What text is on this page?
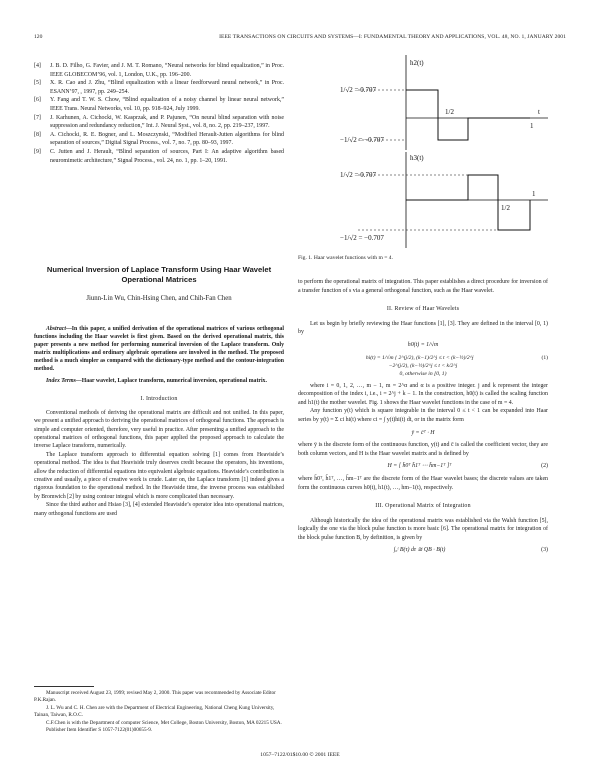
120	IEEE TRANSACTIONS ON CIRCUITS AND SYSTEMS—I: FUNDAMENTAL THEORY AND APPLICATIONS, VOL. 48, NO. 1, JANUARY 2001
[4] J. B. D. Filho, G. Favier, and J. M. T. Romano, “Neural networks for blind equalization,” in Proc. IEEE GLOBECOM’96, vol. 1, London, U.K., pp. 196–200.
[5] X. R. Cao and J. Zhu, “Blind equalization with a linear feedforward neural network,” in Proc. ESANN’97, , 1997, pp. 249–254.
[6] Y. Fang and T. W. S. Chow, “Blind equalization of a noisy channel by linear neural network,” IEEE Trans. Neural Networks, vol. 10, pp. 918–924, July 1999.
[7] J. Karhunen, A. Cichocki, W. Kasprzak, and P. Pajunen, “On neural blind separation with noise suppression and redundancy reduction,” Int. J. Neural Syst., vol. 8, no. 2, pp. 219–237, 1997.
[8] A. Cichocki, R. E. Bogner, and L. Moszczynski, “Modified Herault-Jutten algorithms for blind separation of sources,” Digital Signal Process., vol. 7, no. 7, pp. 80–93, 1997.
[9] C. Jutten and J. Herault, “Blind separation of sources, Part I: An adaptive algorithm based neuromimetic architecture,” Signal Process., vol. 24, no. 1, pp. 1–20, 1991.
Numerical Inversion of Laplace Transform Using Haar Wavelet Operational Matrices
Jiunn-Lin Wu, Chin-Hsing Chen, and Chih-Fan Chen

Abstract—In this paper, a unified derivation of the operational matrices of various orthogonal functions including the Haar wavelet is first given. Based on the derived operational matrix, this paper presents a new method for performing numerical inversion of the Laplace transform. Only matrix multiplications and ordinary algebraic operations are involved in the method. The proposed method is a much simpler as compared with the dictionary-type method and the contour-integration method.

Index Terms—Haar wavelet, Laplace transform, numerical inversion, operational matrix.

I. Introduction

Conventional methods of deriving the operational matrix are difficult and not unified. In this paper, we present a unified approach to deriving the operational matrices of orthogonal functions. The approach is simple and computer oriented, therefore, very useful in practice. After presenting a unified approach to the operational matrices of orthogonal functions, this paper applied the proposed approach to calculate the inverse Laplace transform, numerically.

The Laplace transform approach to differential equation solving [1] comes from Heaviside’s operational method. The idea is that Heaviside truly deserves credit because the operators, his inventions, allow the reduction of differential equations into equivalent algebraic equations. Heaviside’s contribution is creative and usually, a piece of creative work is crude. Later on, the Laplace transform [1] indeed gives a rigorous foundation to the operational method. In the Heaviside time, the inverse process was established by Bromwich [2] by using contour integral which is more complicated than necessary.

Since the third author and Hsiao [3], [4] extended Heaviside’s operator idea into operational matrices, many orthogonal functions are used

Manuscript received August 23, 1999; revised May 2, 2000. This paper was recommended by Associate Editor P.K.Rajan.
J. L. Wu and C. H. Chen are with the Department of Electrical Engineering, National Cheng Kung University, Tainan, Taiwan, R.O.C.
C.F.Chen is with the Department of computer Science, Met College, Boston University, Boston, MA 02215 USA.
Publisher Item Identifier S 1057-7122(01)00655-9.
h2(t)
1/√2 = 0.707
−1/√2 = −0.707
1/2
1
t
h3(t)
1/√2 = 0.707
−1/√2 = −0.707
1/2
1
Fig. 1. Haar wavelet functions with m = 4.

to perform the operational matrix of integration. This paper establishes a direct procedure for inversion of a transfer function of s via a general orthogonal function, such as the Haar wavelet.

II. Review of Haar Wavelets

Let us begin by briefly reviewing the Haar functions [1], [3]. They are defined in the interval [0, 1) by

h0(t) = 1/√m
(1)
hi(t) = 1/√m { 2^(j/2), (k−1)/2^j ≤ t < (k−½)/2^j
−2^(j/2), (k−½)/2^j ≤ t < k/2^j
0, otherwise in [0, 1)

where i = 0, 1, 2, …, m − 1, m = 2^α and α is a positive integer. j and k represent the integer decomposition of the index i, i.e., i = 2^j + k − 1. In the construction, h0(t) is called the scaling function and h1(t) the mother wavelet. Fig. 1 shows the Haar wavelet functions in the case of m = 4.

Any function y(t) which is square integrable in the interval 0 ≤ t < 1 can be expanded into Haar series by y(t) = Σ ci hi(t) where ci = ∫ y(t)hi(t) dt, or in the matrix form

ȳ = c̄ᵀ · H

where ȳ is the discrete form of the continuous function, y(t) and c̄ is called the coefficient vector, they are both column vectors, and H is the Haar wavelet matrix and is defined by

(2)
H = [ h̄0ᵀ h̄1ᵀ ⋯ h̄m−1ᵀ ]ᵀ

where h̄0ᵀ, h̄1ᵀ, …, h̄m−1ᵀ are the discrete form of the Haar wavelet bases; the discrete values are taken form the continuous curves h0(t), h1(t), …, hm−1(t), respectively.

III. Operational Matrix of Integration

Although historically the idea of the operational matrix was established via the Walsh function [5], logically the one via the block pulse function is more basic [6]. The operational matrix for integration of the block pulse function B, by definition, is given by

(3)
∫₀ᵗ B(τ) dτ ≅ QB · B(t)
1057–7122/01$10.00 © 2001 IEEE
